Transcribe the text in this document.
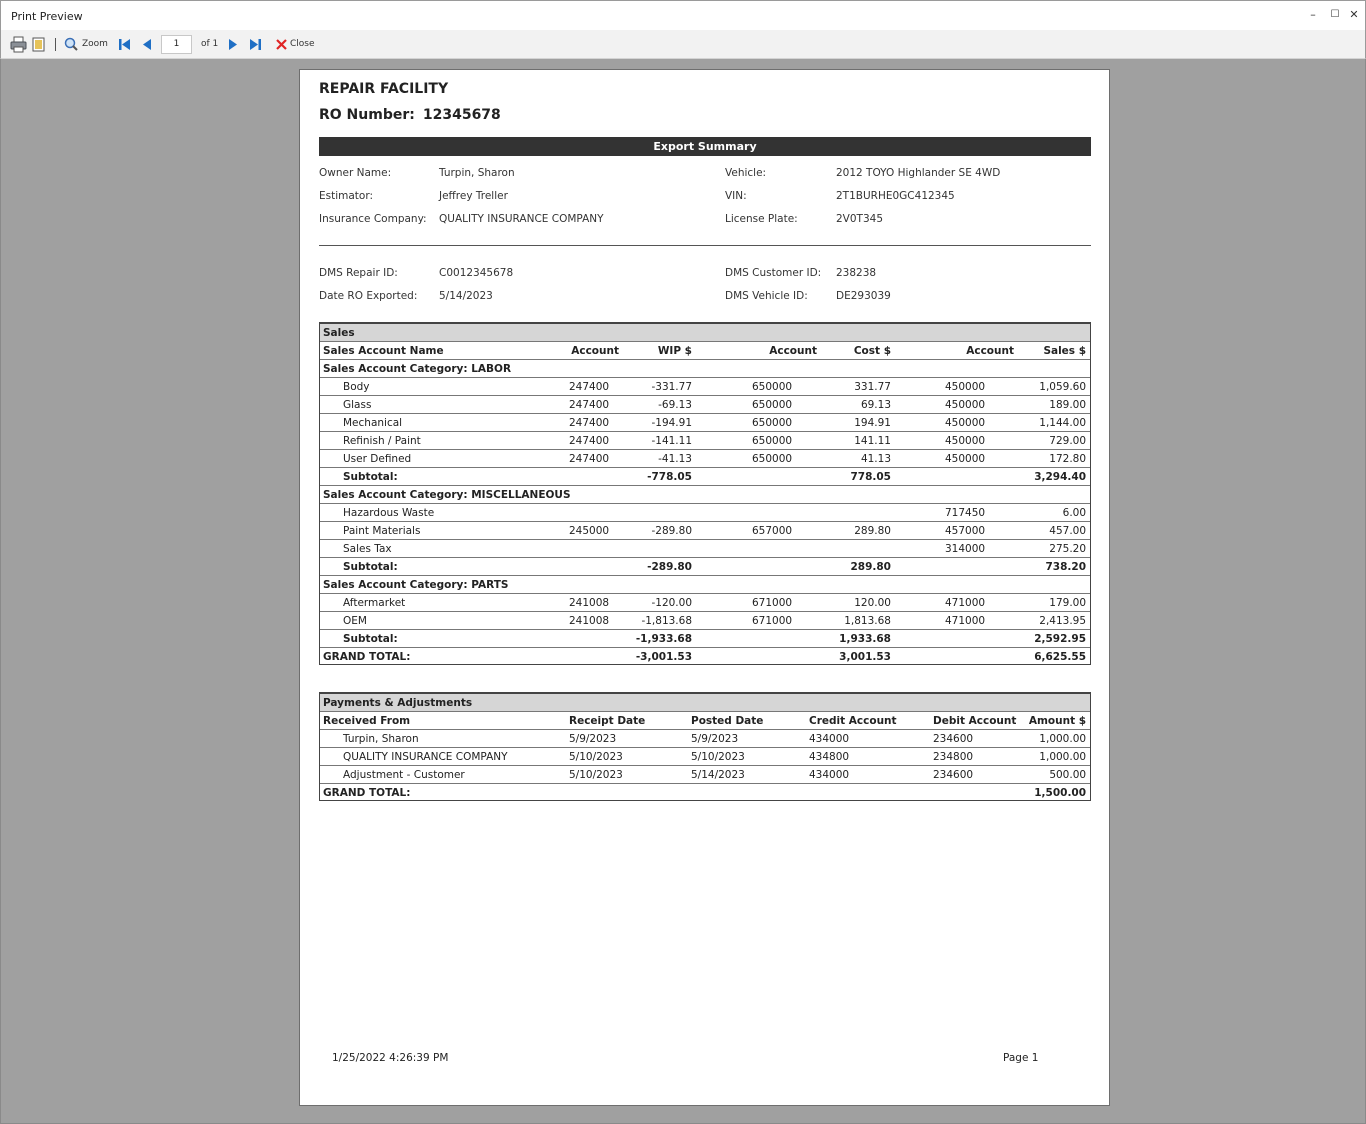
Print Preview	–	☐ ✕
Zoom	1	of 1	Close
REPAIR FACILITY
RO Number: 12345678
Export Summary
Owner Name:	Turpin, Sharon
Estimator:	Jeffrey Treller
Insurance Company: QUALITY INSURANCE COMPANY
Vehicle:	2012 TOYO Highlander SE 4WD
VIN:	2T1BURHE0GC412345
License Plate:	2V0T345
DMS Repair ID:	C0012345678
Date RO Exported: 5/14/2023
DMS Customer ID: 238238
DMS Vehicle ID:	DE293039
Sales						
Sales Account Name	Account	WIP $	Account	Cost $	Account	Sales $
Sales Account Category: LABOR						
Body	247400	-331.77	650000	331.77	450000	1,059.60
Glass	247400	-69.13	650000	69.13	450000	189.00
Mechanical	247400	-194.91	650000	194.91	450000	1,144.00
Refinish / Paint	247400	-141.11	650000	141.11	450000	729.00
User Defined	247400	-41.13	650000	41.13	450000	172.80
Subtotal:		-778.05		778.05		3,294.40
Sales Account Category: MISCELLANEOUS						
Hazardous Waste					717450	6.00
Paint Materials	245000	-289.80	657000	289.80	457000	457.00
Sales Tax					314000	275.20
Subtotal:		-289.80		289.80		738.20
Sales Account Category: PARTS						
Aftermarket	241008	-120.00	671000	120.00	471000	179.00
OEM	241008	-1,813.68	671000	1,813.68	471000	2,413.95
Subtotal:		-1,933.68		1,933.68		2,592.95
GRAND TOTAL:		-3,001.53		3,001.53		6,625.55
Payments & Adjustments					
Received From	Receipt Date	Posted Date	Credit Account	Debit Account	Amount $
Turpin, Sharon	5/9/2023	5/9/2023	434000	234600	1,000.00
QUALITY INSURANCE COMPANY	5/10/2023	5/10/2023	434800	234800	1,000.00
Adjustment - Customer	5/10/2023	5/14/2023	434000	234600	500.00
GRAND TOTAL:					1,500.00
1/25/2022 4:26:39 PM	Page 1
